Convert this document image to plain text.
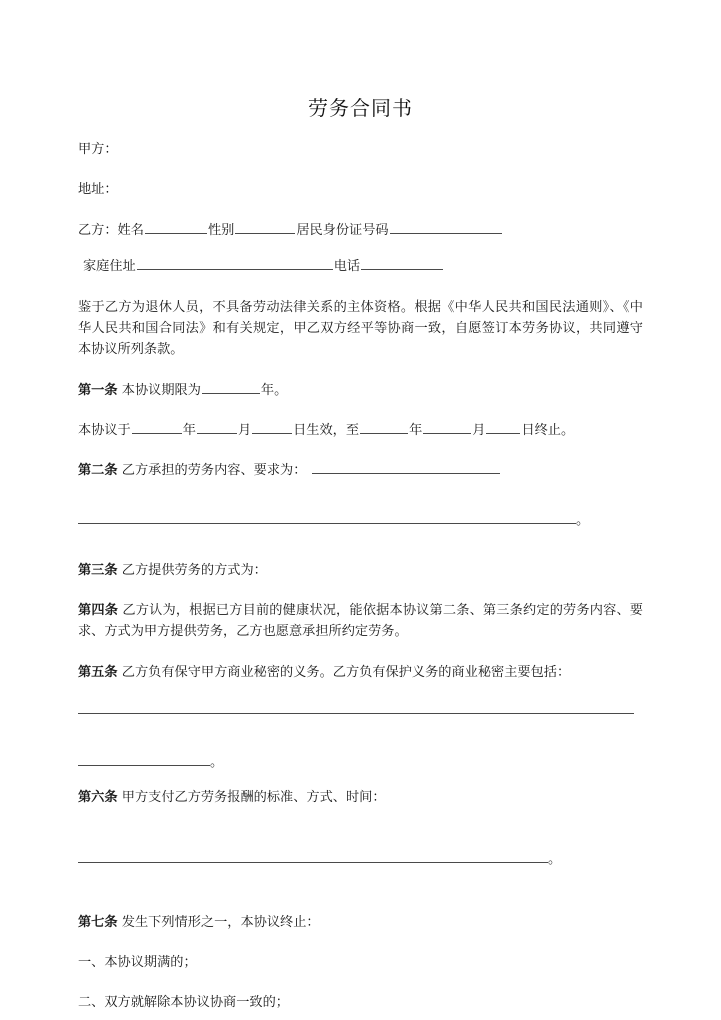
劳务合同书

甲方：

地址：

乙方：姓名	性别	居民身份证号码

家庭住址	电话

鉴于乙方为退休人员，不具备劳动法律关系的主体资格。根据《中华人民共和国民法通则》、《中华人民共和国合同法》和有关规定，甲乙双方经平等协商一致，自愿签订本劳务协议，共同遵守本协议所列条款。

第一条 本协议期限为	年。

本协议于	年	月	日生效，至	年	月	日终止。

第二条 乙方承担的劳务内容、要求为：

。

第三条 乙方提供劳务的方式为：

第四条 乙方认为，根据已方目前的健康状况，能依据本协议第二条、第三条约定的劳务内容、要求、方式为甲方提供劳务，乙方也愿意承担所约定劳务。

第五条 乙方负有保守甲方商业秘密的义务。乙方负有保护义务的商业秘密主要包括：

。

第六条 甲方支付乙方劳务报酬的标准、方式、时间：

。

第七条 发生下列情形之一，本协议终止：

一、本协议期满的；

二、双方就解除本协议协商一致的；
